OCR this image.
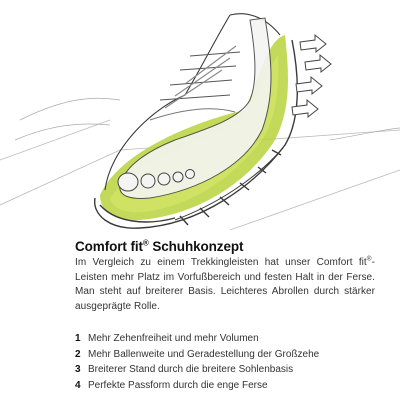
Comfort fit® Schuhkonzept

Im Vergleich zu einem Trekkingleisten hat unser Comfort fit®-Leisten mehr Platz im Vorfußbereich und festen Halt in der Ferse. Man steht auf breiterer Basis. Leichteres Abrollen durch stärker ausgeprägte Rolle.

1 Mehr Zehenfreiheit und mehr Volumen
2 Mehr Ballenweite und Geradestellung der Großzehe
3 Breiterer Stand durch die breitere Sohlenbasis
4 Perfekte Passform durch die enge Ferse
